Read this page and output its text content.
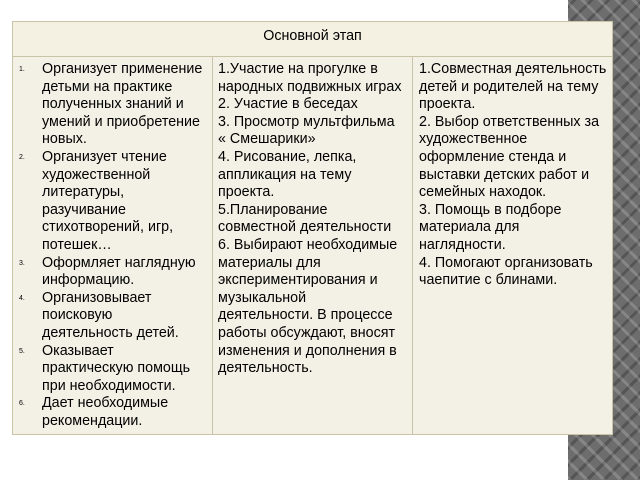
Основной этап

1.	Организует применение
детьми на практике
полученных знаний и
умений и приобретение
новых.
2.	Организует чтение
художественной
литературы,
разучивание
стихотворений, игр,
потешек…
3.	Оформляет наглядную
информацию.
4.	Организовывает
поисковую
деятельность детей.
5.	Оказывает
практическую помощь
при необходимости.
6.	Дает необходимые
рекомендации.

1.Участие на прогулке в
народных подвижных играх
2. Участие в беседах
3. Просмотр мультфильма
« Смешарики»
4. Рисование, лепка,
аппликация на тему
проекта.
5.Планирование
совместной деятельности
6. Выбирают необходимые
материалы для
экспериментирования и
музыкальной
деятельности. В процессе
работы обсуждают, вносят
изменения и дополнения в
деятельность.

1.Совместная деятельность
детей и родителей на тему
проекта.
2. Выбор ответственных за
художественное
оформление стенда и
выставки детских работ и
семейных находок.
3. Помощь в подборе
материала для
наглядности.
4. Помогают организовать
чаепитие с блинами.
